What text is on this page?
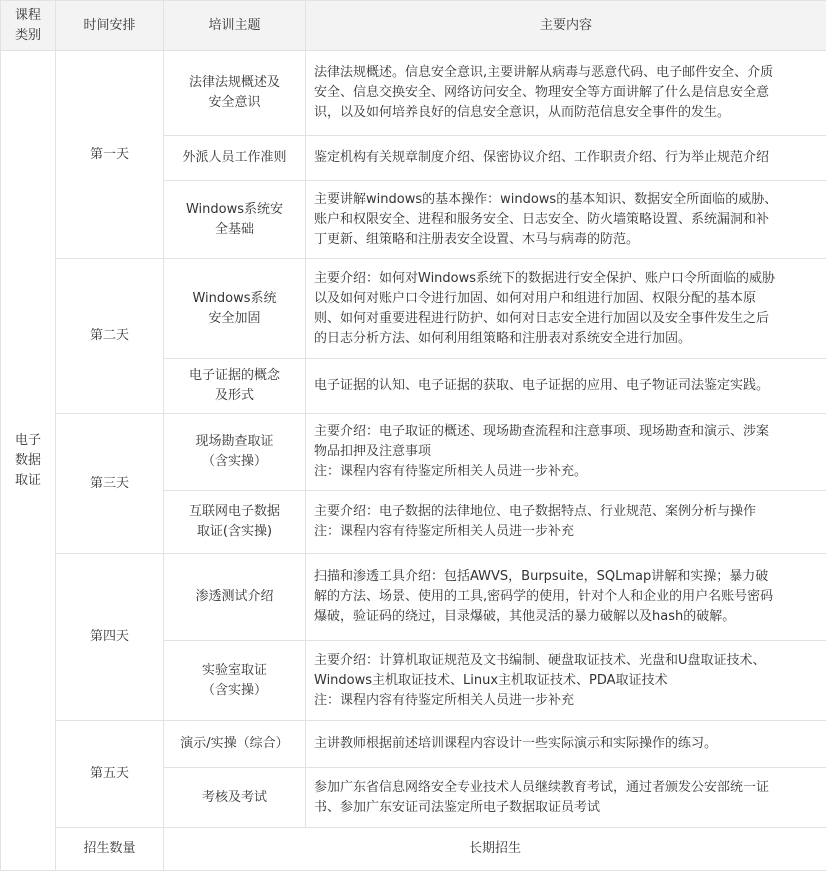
课程
类别	时间安排	培训主题	主要内容

电子
数据
取证	第一天	法律法规概述及
安全意识	法律法规概述。信息安全意识,主要讲解从病毒与恶意代码、电子邮件安全、介质
安全、信息交换安全、网络访问安全、物理安全等方面讲解了什么是信息安全意
识，以及如何培养良好的信息安全意识，从而防范信息安全事件的发生。

		外派人员工作准则	鉴定机构有关规章制度介绍、保密协议介绍、工作职责介绍、行为举止规范介绍

		Windows系统安
全基础	主要讲解windows的基本操作：windows的基本知识、数据安全所面临的威胁、
账户和权限安全、进程和服务安全、日志安全、防火墙策略设置、系统漏洞和补
丁更新、组策略和注册表安全设置、木马与病毒的防范。

	第二天	Windows系统
安全加固	主要介绍：如何对Windows系统下的数据进行安全保护、账户口令所面临的威胁
以及如何对账户口令进行加固、如何对用户和组进行加固、权限分配的基本原
则、如何对重要进程进行防护、如何对日志安全进行加固以及安全事件发生之后
的日志分析方法、如何利用组策略和注册表对系统安全进行加固。

		电子证据的概念
及形式	电子证据的认知、电子证据的获取、电子证据的应用、电子物证司法鉴定实践。

	第三天	现场勘查取证
（含实操）	主要介绍：电子取证的概述、现场勘查流程和注意事项、现场勘查和演示、涉案
物品扣押及注意事项
注：课程内容有待鉴定所相关人员进一步补充。

		互联网电子数据
取证(含实操)	主要介绍：电子数据的法律地位、电子数据特点、行业规范、案例分析与操作
注：课程内容有待鉴定所相关人员进一步补充

	第四天	渗透测试介绍	扫描和渗透工具介绍：包括AWVS，Burpsuite，SQLmap讲解和实操；暴力破
解的方法、场景、使用的工具,密码学的使用，针对个人和企业的用户名账号密码
爆破，验证码的绕过，目录爆破，其他灵活的暴力破解以及hash的破解。

		实验室取证
（含实操）	主要介绍：计算机取证规范及文书编制、硬盘取证技术、光盘和U盘取证技术、
Windows主机取证技术、Linux主机取证技术、PDA取证技术
注：课程内容有待鉴定所相关人员进一步补充

	第五天	演示/实操（综合）	主讲教师根据前述培训课程内容设计一些实际演示和实际操作的练习。

		考核及考试	参加广东省信息网络安全专业技术人员继续教育考试，通过者颁发公安部统一证
书、参加广东安证司法鉴定所电子数据取证员考试

	招生数量	长期招生	
